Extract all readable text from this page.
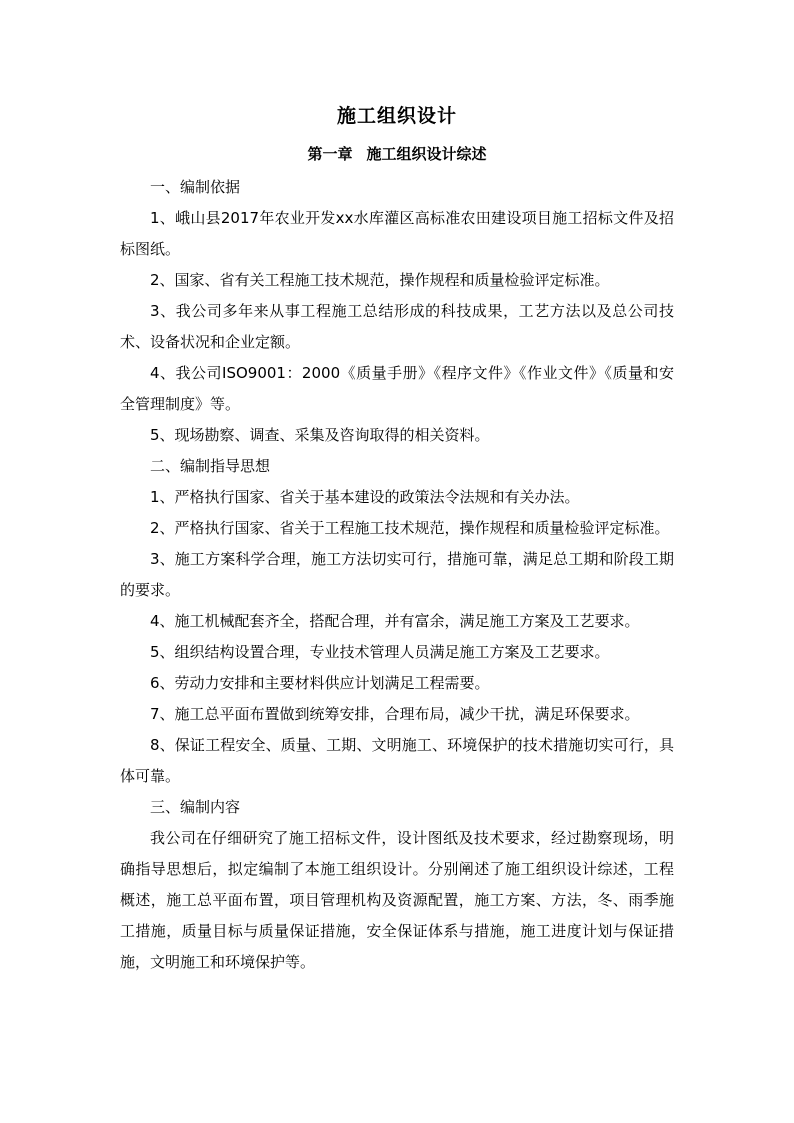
施工组织设计
第一章 施工组织设计综述

一、编制依据

1、峨山县2017年农业开发xx水库灌区高标准农田建设项目施工招标文件及招标图纸。

2、国家、省有关工程施工技术规范，操作规程和质量检验评定标准。

3、我公司多年来从事工程施工总结形成的科技成果，工艺方法以及总公司技术、设备状况和企业定额。

4、我公司ISO9001：2000《质量手册》《程序文件》《作业文件》《质量和安全管理制度》等。

5、现场勘察、调查、采集及咨询取得的相关资料。

二、编制指导思想

1、严格执行国家、省关于基本建设的政策法令法规和有关办法。

2、严格执行国家、省关于工程施工技术规范，操作规程和质量检验评定标准。

3、施工方案科学合理，施工方法切实可行，措施可靠，满足总工期和阶段工期的要求。

4、施工机械配套齐全，搭配合理，并有富余，满足施工方案及工艺要求。

5、组织结构设置合理，专业技术管理人员满足施工方案及工艺要求。

6、劳动力安排和主要材料供应计划满足工程需要。

7、施工总平面布置做到统筹安排，合理布局，减少干扰，满足环保要求。

8、保证工程安全、质量、工期、文明施工、环境保护的技术措施切实可行，具体可靠。

三、编制内容

我公司在仔细研究了施工招标文件，设计图纸及技术要求，经过勘察现场，明确指导思想后，拟定编制了本施工组织设计。分别阐述了施工组织设计综述，工程概述，施工总平面布置，项目管理机构及资源配置，施工方案、方法，冬、雨季施工措施，质量目标与质量保证措施，安全保证体系与措施，施工进度计划与保证措施，文明施工和环境保护等。
